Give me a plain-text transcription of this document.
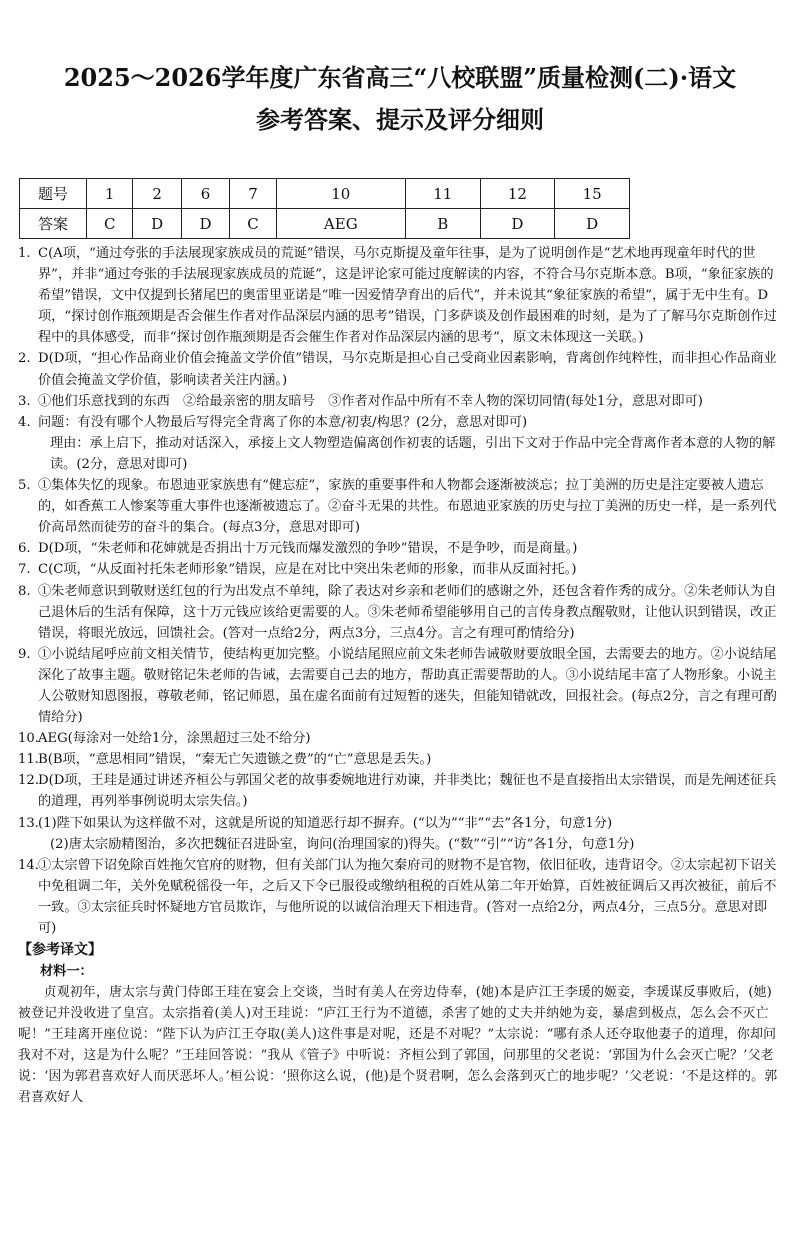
2025～2026学年度广东省高三“八校联盟”质量检测(二)·语文
参考答案、提示及评分细则
题号	1	2	6	7	10	11	12	15
答案	C	D	D	C	AEG	B	D	D
1. C(A项，“通过夸张的手法展现家族成员的荒诞”错误，马尔克斯提及童年往事，是为了说明创作是“艺术地再现童年时代的世界”，并非“通过夸张的手法展现家族成员的荒诞”，这是评论家可能过度解读的内容，不符合马尔克斯本意。B项，“象征家族的希望”错误，文中仅提到长猪尾巴的奥雷里亚诺是“唯一因爱情孕育出的后代”，并未说其“象征家族的希望”，属于无中生有。D项，“探讨创作瓶颈期是否会催生作者对作品深层内涵的思考”错误，门多萨谈及创作最困难的时刻，是为了了解马尔克斯创作过程中的具体感受，而非“探讨创作瓶颈期是否会催生作者对作品深层内涵的思考”，原文未体现这一关联。)

2. D(D项，“担心作品商业价值会掩盖文学价值”错误，马尔克斯是担心自己受商业因素影响，背离创作纯粹性，而非担心作品商业价值会掩盖文学价值，影响读者关注内涵。)

3. ①他们乐意找到的东西　②给最亲密的朋友暗号　③作者对作品中所有不幸人物的深切同情(每处1分，意思对即可)

4. 问题：有没有哪个人物最后写得完全背离了你的本意/初衷/构思？(2分，意思对即可)

理由：承上启下，推动对话深入，承接上文人物塑造偏离创作初衷的话题，引出下文对于作品中完全背离作者本意的人物的解读。(2分，意思对即可)

5. ①集体失忆的现象。布恩迪亚家族患有“健忘症”，家族的重要事件和人物都会逐渐被淡忘；拉丁美洲的历史是注定要被人遗忘的，如香蕉工人惨案等重大事件也逐渐被遗忘了。②奋斗无果的共性。布恩迪亚家族的历史与拉丁美洲的历史一样，是一系列代价高昂然而徒劳的奋斗的集合。(每点3分，意思对即可)

6. D(D项，“朱老师和花婶就是否捐出十万元钱而爆发激烈的争吵”错误，不是争吵，而是商量。)

7. C(C项，“从反面衬托朱老师形象”错误，应是在对比中突出朱老师的形象，而非从反面衬托。)

8. ①朱老师意识到敬财送红包的行为出发点不单纯，除了表达对乡亲和老师们的感谢之外，还包含着作秀的成分。②朱老师认为自己退休后的生活有保障，这十万元钱应该给更需要的人。③朱老师希望能够用自己的言传身教点醒敬财，让他认识到错误，改正错误，将眼光放远，回馈社会。(答对一点给2分，两点3分，三点4分。言之有理可酌情给分)

9. ①小说结尾呼应前文相关情节，使结构更加完整。小说结尾照应前文朱老师告诫敬财要放眼全国，去需要去的地方。②小说结尾深化了故事主题。敬财铭记朱老师的告诫，去需要自己去的地方，帮助真正需要帮助的人。③小说结尾丰富了人物形象。小说主人公敬财知恩图报，尊敬老师，铭记师恩，虽在虚名面前有过短暂的迷失，但能知错就改，回报社会。(每点2分，言之有理可酌情给分)

10. AEG(每涂对一处给1分，涂黑超过三处不给分)

11. B(B项，“意思相同”错误，“秦无亡矢遗镞之费”的“亡”意思是丢失。)

12. D(D项，王珪是通过讲述齐桓公与郭国父老的故事委婉地进行劝谏，并非类比；魏征也不是直接指出太宗错误，而是先阐述征兵的道理，再列举事例说明太宗失信。)

13. (1)陛下如果认为这样做不对，这就是所说的知道恶行却不摒弃。(“以为”“非”“去”各1分，句意1分)

(2)唐太宗励精图治，多次把魏征召进卧室，询问(治理国家的)得失。(“数”“引”“访”各1分，句意1分)

14. ①太宗曾下诏免除百姓拖欠官府的财物，但有关部门认为拖欠秦府司的财物不是官物，依旧征收，违背诏令。②太宗起初下诏关中免租调二年，关外免赋税徭役一年，之后又下令已服役或缴纳租税的百姓从第二年开始算，百姓被征调后又再次被征，前后不一致。③太宗征兵时怀疑地方官员欺诈，与他所说的以诚信治理天下相违背。(答对一点给2分，两点4分，三点5分。意思对即可)

【参考译文】
材料一：
贞观初年，唐太宗与黄门侍郎王珪在宴会上交谈，当时有美人在旁边侍奉，(她)本是庐江王李瑗的姬妾，李瑗谋反事败后，(她)被登记并没收进了皇宫。太宗指着(美人)对王珪说：“庐江王行为不道德，杀害了她的丈夫并纳她为妾，暴虐到极点，怎么会不灭亡呢！”王珪离开座位说：“陛下认为庐江王夺取(美人)这件事是对呢，还是不对呢？”太宗说：“哪有杀人还夺取他妻子的道理，你却问我对不对，这是为什么呢？”王珪回答说：“我从《管子》中听说：齐桓公到了郭国，问那里的父老说：‘郭国为什么会灭亡呢？’父老说：‘因为郭君喜欢好人而厌恶坏人。’桓公说：‘照你这么说，(他)是个贤君啊，怎么会落到灭亡的地步呢？’父老说：‘不是这样的。郭君喜欢好人
